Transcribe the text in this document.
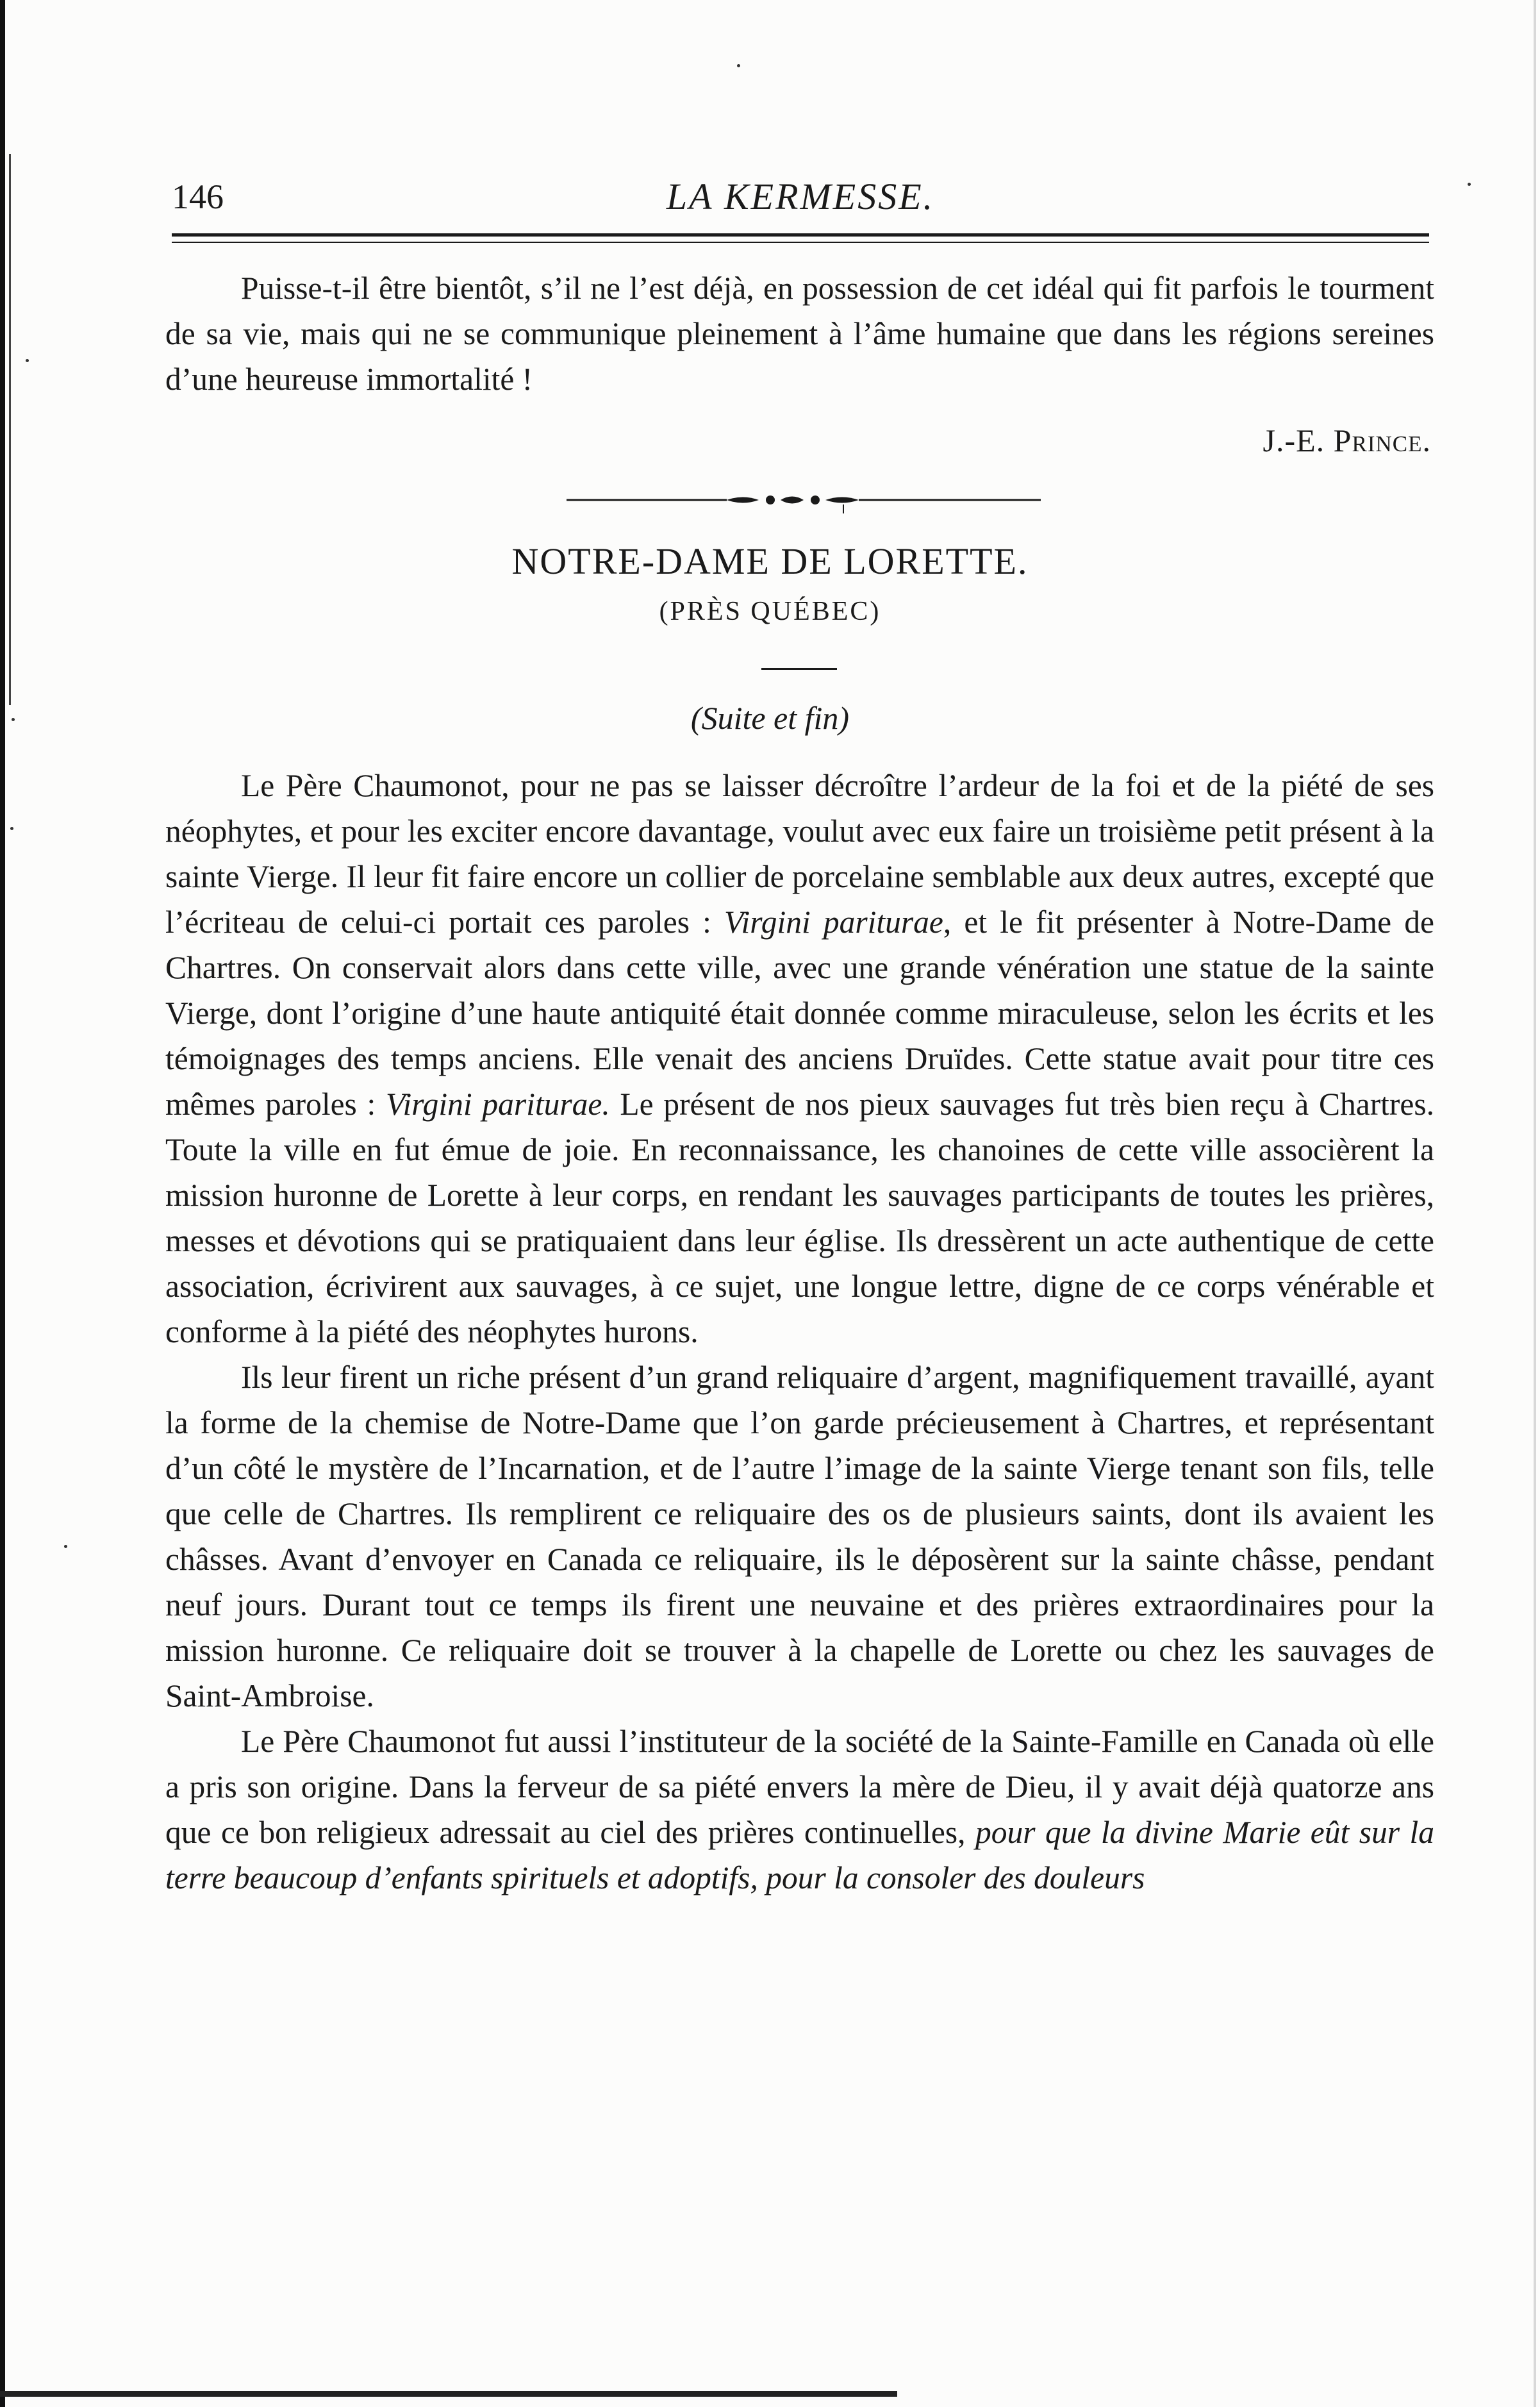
146	LA KERMESSE.

Puisse-t-il être bientôt, s’il ne l’est déjà, en possession de cet idéal qui fit parfois le tourment de sa vie, mais qui ne se communique pleinement à l’âme humaine que dans les régions sereines d’une heureuse immortalité !

J.-E. Prince.
NOTRE-DAME DE LORETTE.
(PRÈS QUÉBEC)
(Suite et fin)

Le Père Chaumonot, pour ne pas se laisser décroître l’ardeur de la foi et de la piété de ses néophytes, et pour les exciter encore davantage, voulut avec eux faire un troisième petit présent à la sainte Vierge. Il leur fit faire encore un collier de porcelaine semblable aux deux autres, excepté que l’écriteau de celui-ci portait ces paroles : Virgini pariturae, et le fit présenter à Notre-Dame de Chartres. On conservait alors dans cette ville, avec une grande vénération une statue de la sainte Vierge, dont l’origine d’une haute antiquité était donnée comme miraculeuse, selon les écrits et les témoignages des temps anciens. Elle venait des anciens Druïdes. Cette statue avait pour titre ces mêmes paroles : Virgini pariturae. Le présent de nos pieux sauvages fut très bien reçu à Chartres. Toute la ville en fut émue de joie. En reconnaissance, les chanoines de cette ville associèrent la mission huronne de Lorette à leur corps, en rendant les sauvages participants de toutes les prières, messes et dévotions qui se pratiquaient dans leur église. Ils dressèrent un acte authentique de cette association, écrivirent aux sauvages, à ce sujet, une longue lettre, digne de ce corps vénérable et conforme à la piété des néophytes hurons.

Ils leur firent un riche présent d’un grand reliquaire d’argent, magnifiquement travaillé, ayant la forme de la chemise de Notre-Dame que l’on garde précieusement à Chartres, et représentant d’un côté le mystère de l’Incarnation, et de l’autre l’image de la sainte Vierge tenant son fils, telle que celle de Chartres. Ils remplirent ce reliquaire des os de plusieurs saints, dont ils avaient les châsses. Avant d’envoyer en Canada ce reliquaire, ils le déposèrent sur la sainte châsse, pendant neuf jours. Durant tout ce temps ils firent une neuvaine et des prières extraordinaires pour la mission huronne. Ce reliquaire doit se trouver à la chapelle de Lorette ou chez les sauvages de Saint-Ambroise.

Le Père Chaumonot fut aussi l’instituteur de la société de la Sainte-Famille en Canada où elle a pris son origine. Dans la ferveur de sa piété envers la mère de Dieu, il y avait déjà quatorze ans que ce bon religieux adressait au ciel des prières continuelles, pour que la divine Marie eût sur la terre beaucoup d’enfants spirituels et adoptifs, pour la consoler des douleurs
